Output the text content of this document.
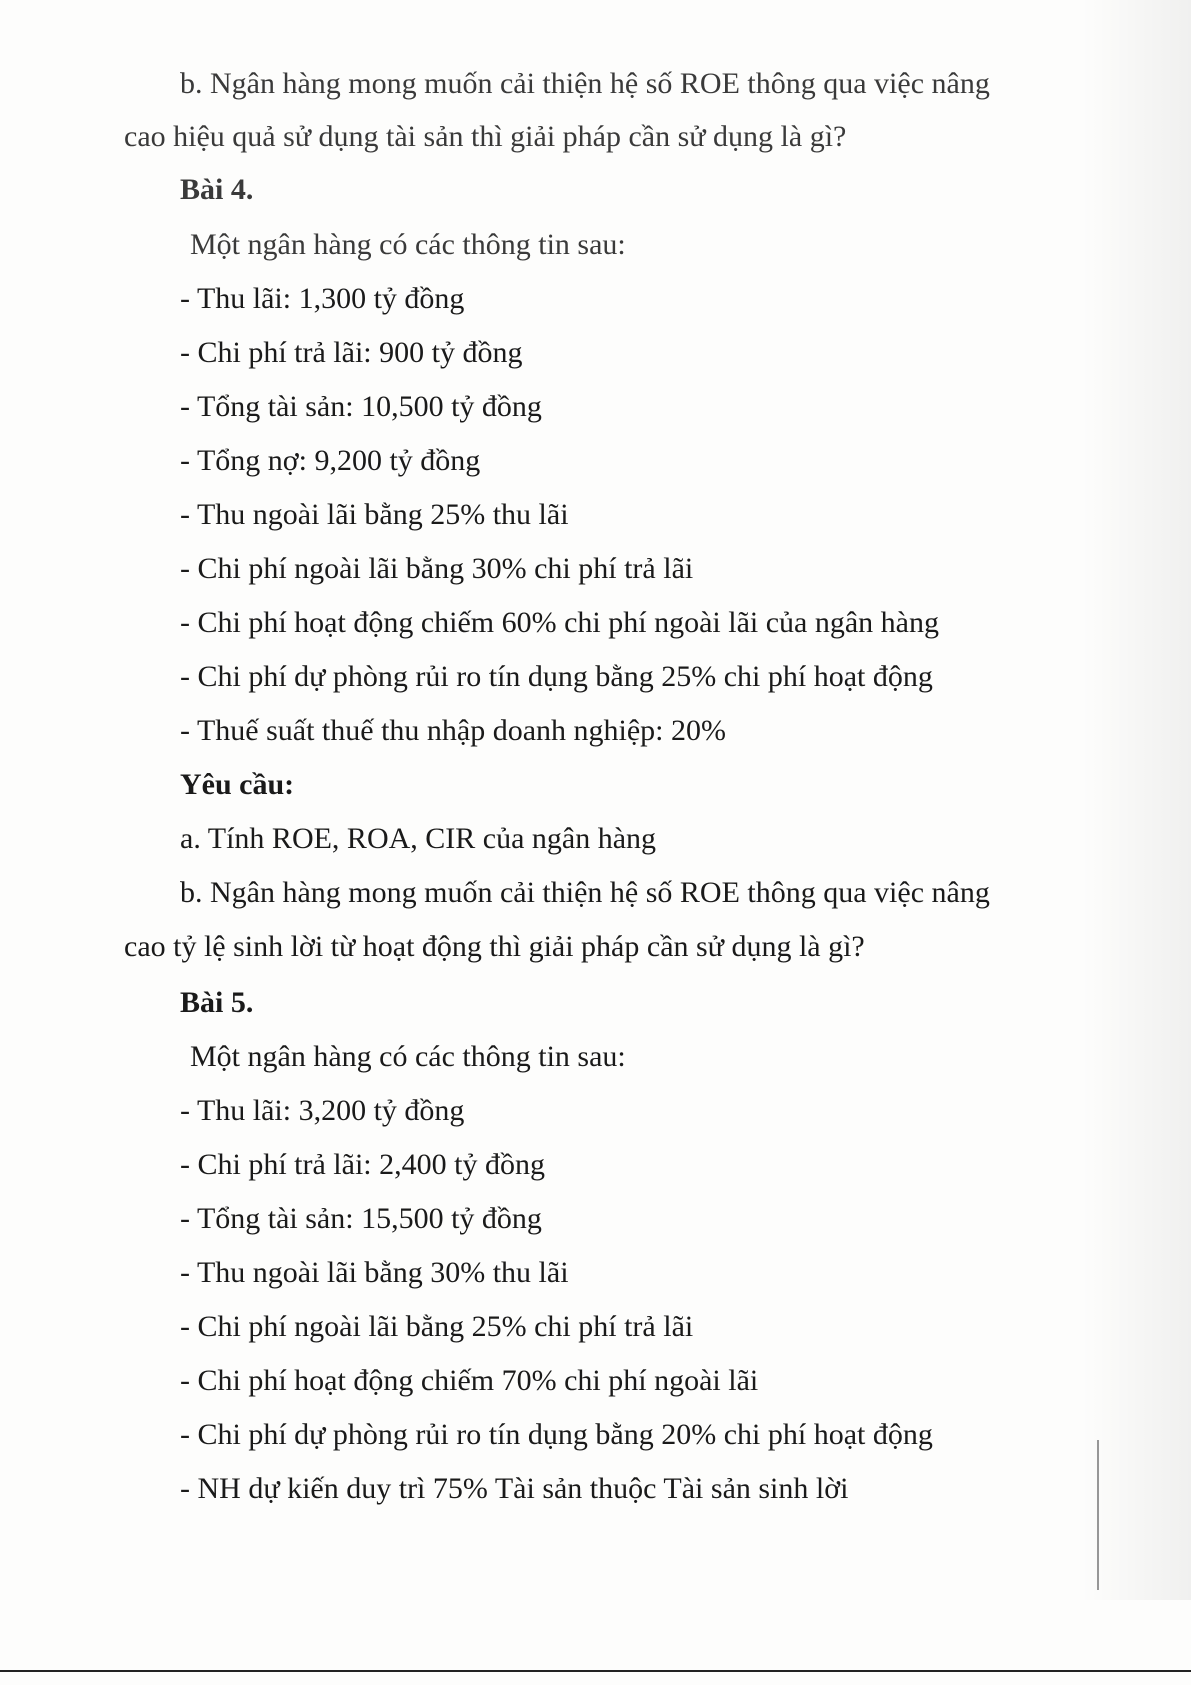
b. Ngân hàng mong muốn cải thiện hệ số ROE thông qua việc nâng
cao hiệu quả sử dụng tài sản thì giải pháp cần sử dụng là gì?
Bài 4.
Một ngân hàng có các thông tin sau:
- Thu lãi: 1,300 tỷ đồng
- Chi phí trả lãi: 900 tỷ đồng
- Tổng tài sản: 10,500 tỷ đồng
- Tổng nợ: 9,200 tỷ đồng
- Thu ngoài lãi bằng 25% thu lãi
- Chi phí ngoài lãi bằng 30% chi phí trả lãi
- Chi phí hoạt động chiếm 60% chi phí ngoài lãi của ngân hàng
- Chi phí dự phòng rủi ro tín dụng bằng 25% chi phí hoạt động
- Thuế suất thuế thu nhập doanh nghiệp: 20%
Yêu cầu:
a. Tính ROE, ROA, CIR của ngân hàng
b. Ngân hàng mong muốn cải thiện hệ số ROE thông qua việc nâng
cao tỷ lệ sinh lời từ hoạt động thì giải pháp cần sử dụng là gì?
Bài 5.
Một ngân hàng có các thông tin sau:
- Thu lãi: 3,200 tỷ đồng
- Chi phí trả lãi: 2,400 tỷ đồng
- Tổng tài sản: 15,500 tỷ đồng
- Thu ngoài lãi bằng 30% thu lãi
- Chi phí ngoài lãi bằng 25% chi phí trả lãi
- Chi phí hoạt động chiếm 70% chi phí ngoài lãi
- Chi phí dự phòng rủi ro tín dụng bằng 20% chi phí hoạt động
- NH dự kiến duy trì 75% Tài sản thuộc Tài sản sinh lời
